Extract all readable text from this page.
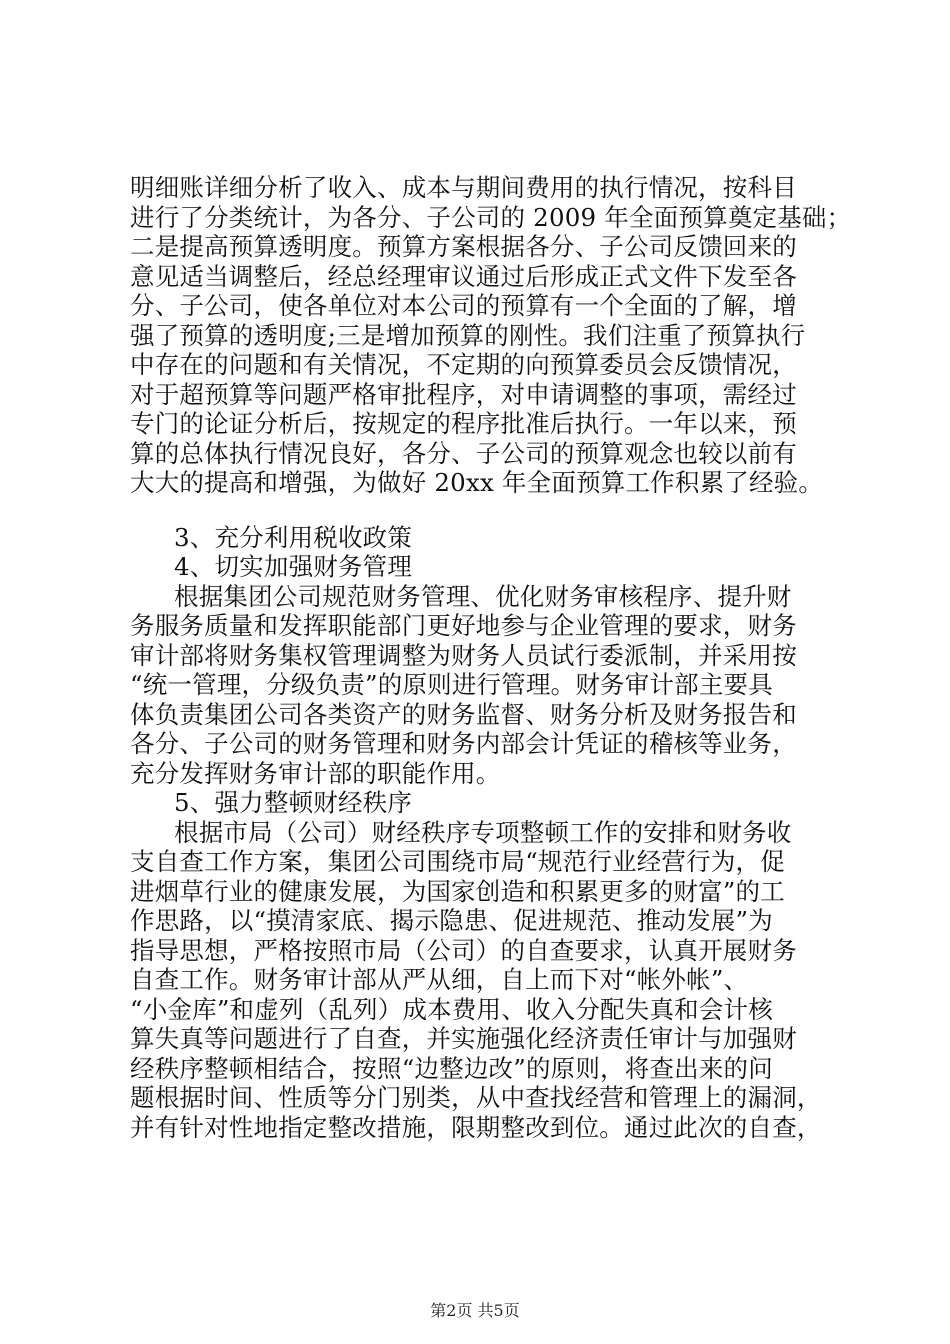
明细账详细分析了收入、成本与期间费用的执行情况，按科目
进行了分类统计，为各分、子公司的 2009 年全面预算奠定基础；
二是提高预算透明度。预算方案根据各分、子公司反馈回来的
意见适当调整后，经总经理审议通过后形成正式文件下发至各
分、子公司，使各单位对本公司的预算有一个全面的了解，增
强了预算的透明度;三是增加预算的刚性。我们注重了预算执行
中存在的问题和有关情况，不定期的向预算委员会反馈情况，
对于超预算等问题严格审批程序，对申请调整的事项，需经过
专门的论证分析后，按规定的程序批准后执行。一年以来，预
算的总体执行情况良好，各分、子公司的预算观念也较以前有
大大的提高和增强，为做好 20xx 年全面预算工作积累了经验。
3、充分利用税收政策
4、切实加强财务管理
根据集团公司规范财务管理、优化财务审核程序、提升财
务服务质量和发挥职能部门更好地参与企业管理的要求，财务
审计部将财务集权管理调整为财务人员试行委派制，并采用按
“统一管理，分级负责”的原则进行管理。财务审计部主要具
体负责集团公司各类资产的财务监督、财务分析及财务报告和
各分、子公司的财务管理和财务内部会计凭证的稽核等业务，
充分发挥财务审计部的职能作用。
5、强力整顿财经秩序
根据市局（公司）财经秩序专项整顿工作的安排和财务收
支自查工作方案，集团公司围绕市局“规范行业经营行为，促
进烟草行业的健康发展，为国家创造和积累更多的财富”的工
作思路，以“摸清家底、揭示隐患、促进规范、推动发展”为
指导思想，严格按照市局（公司）的自查要求，认真开展财务
自查工作。财务审计部从严从细，自上而下对“帐外帐”、
“小金库”和虚列（乱列）成本费用、收入分配失真和会计核
算失真等问题进行了自查，并实施强化经济责任审计与加强财
经秩序整顿相结合，按照“边整边改”的原则，将查出来的问
题根据时间、性质等分门别类，从中查找经营和管理上的漏洞，
并有针对性地指定整改措施，限期整改到位。通过此次的自查，
第2页 共5页
